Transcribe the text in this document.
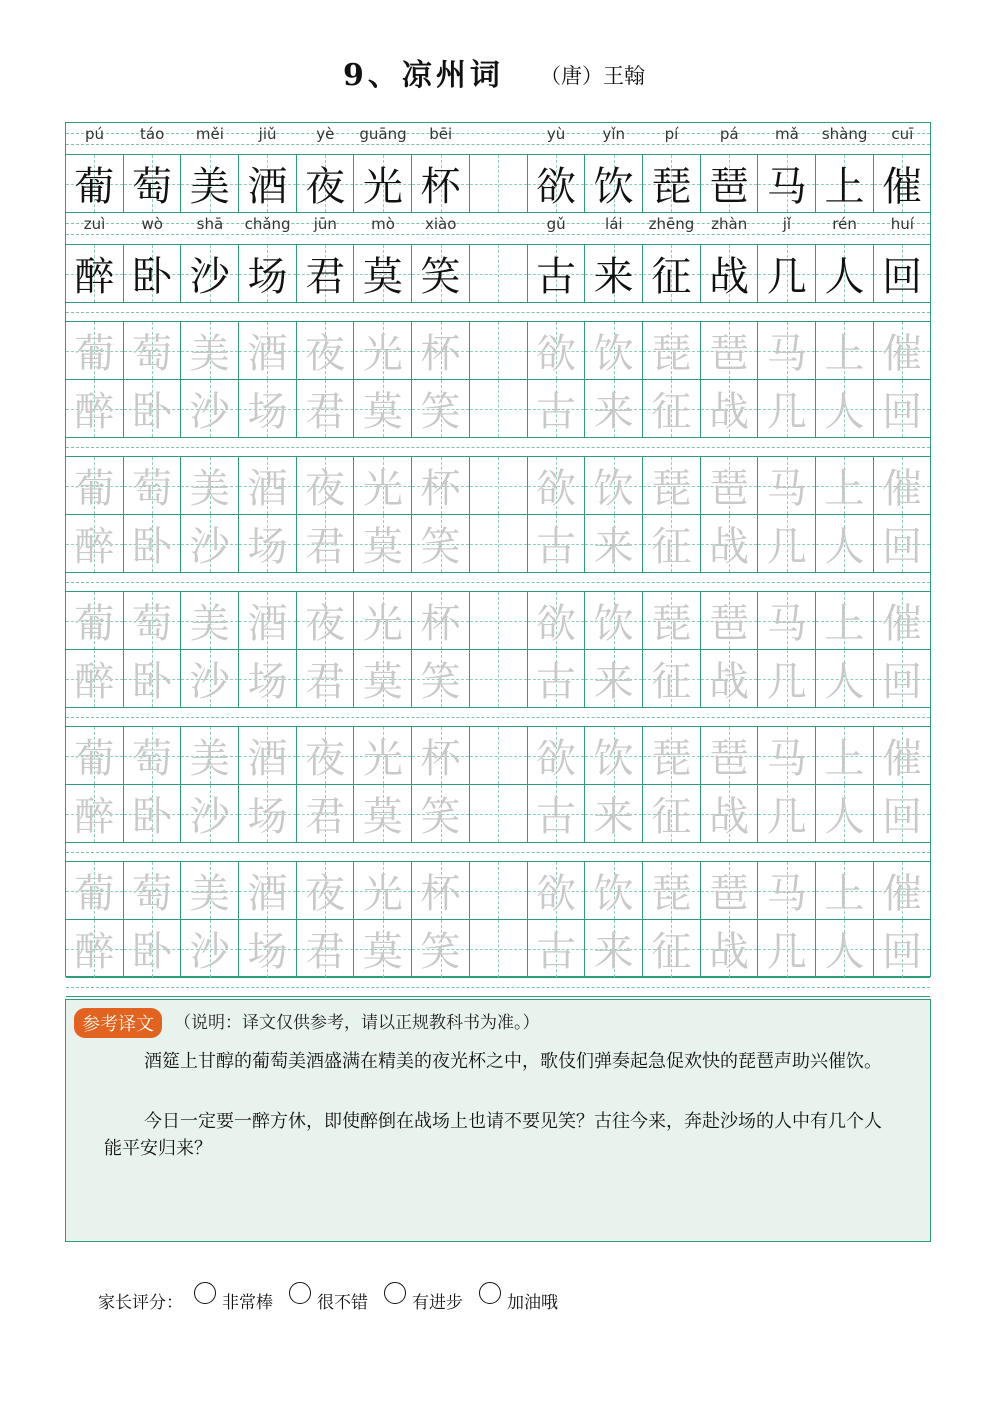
9、凉州词 （唐）王翰
pú	táo	měi	jiǔ	yè	guāng	bēi	yù	yǐn	pí	pá	mǎ	shàng	cuī
葡 萄 美 酒 夜 光 杯 欲 饮 琵 琶 马 上 催
zuì	wò	shā	chǎng	jūn	mò	xiào	gǔ	lái	zhēng	zhàn	jǐ	rén	huí
醉 卧 沙 场 君 莫 笑 古 来 征 战 几 人 回
葡 萄 美 酒 夜 光 杯 欲 饮 琵 琶 马 上 催
醉 卧 沙 场 君 莫 笑 古 来 征 战 几 人 回
葡 萄 美 酒 夜 光 杯 欲 饮 琵 琶 马 上 催
醉 卧 沙 场 君 莫 笑 古 来 征 战 几 人 回
葡 萄 美 酒 夜 光 杯 欲 饮 琵 琶 马 上 催
醉 卧 沙 场 君 莫 笑 古 来 征 战 几 人 回
葡 萄 美 酒 夜 光 杯 欲 饮 琵 琶 马 上 催
醉 卧 沙 场 君 莫 笑 古 来 征 战 几 人 回
葡 萄 美 酒 夜 光 杯 欲 饮 琵 琶 马 上 催
醉 卧 沙 场 君 莫 笑 古 来 征 战 几 人 回
参考译文	（说明：译文仅供参考，请以正规教科书为准。）
酒筵上甘醇的葡萄美酒盛满在精美的夜光杯之中，歌伎们弹奏起急促欢快的琵琶声助兴催饮。
今日一定要一醉方休，即使醉倒在战场上也请不要见笑？古往今来，奔赴沙场的人中有几个人能平安归来？
家长评分： 非常棒	很不错	有进步	加油哦
